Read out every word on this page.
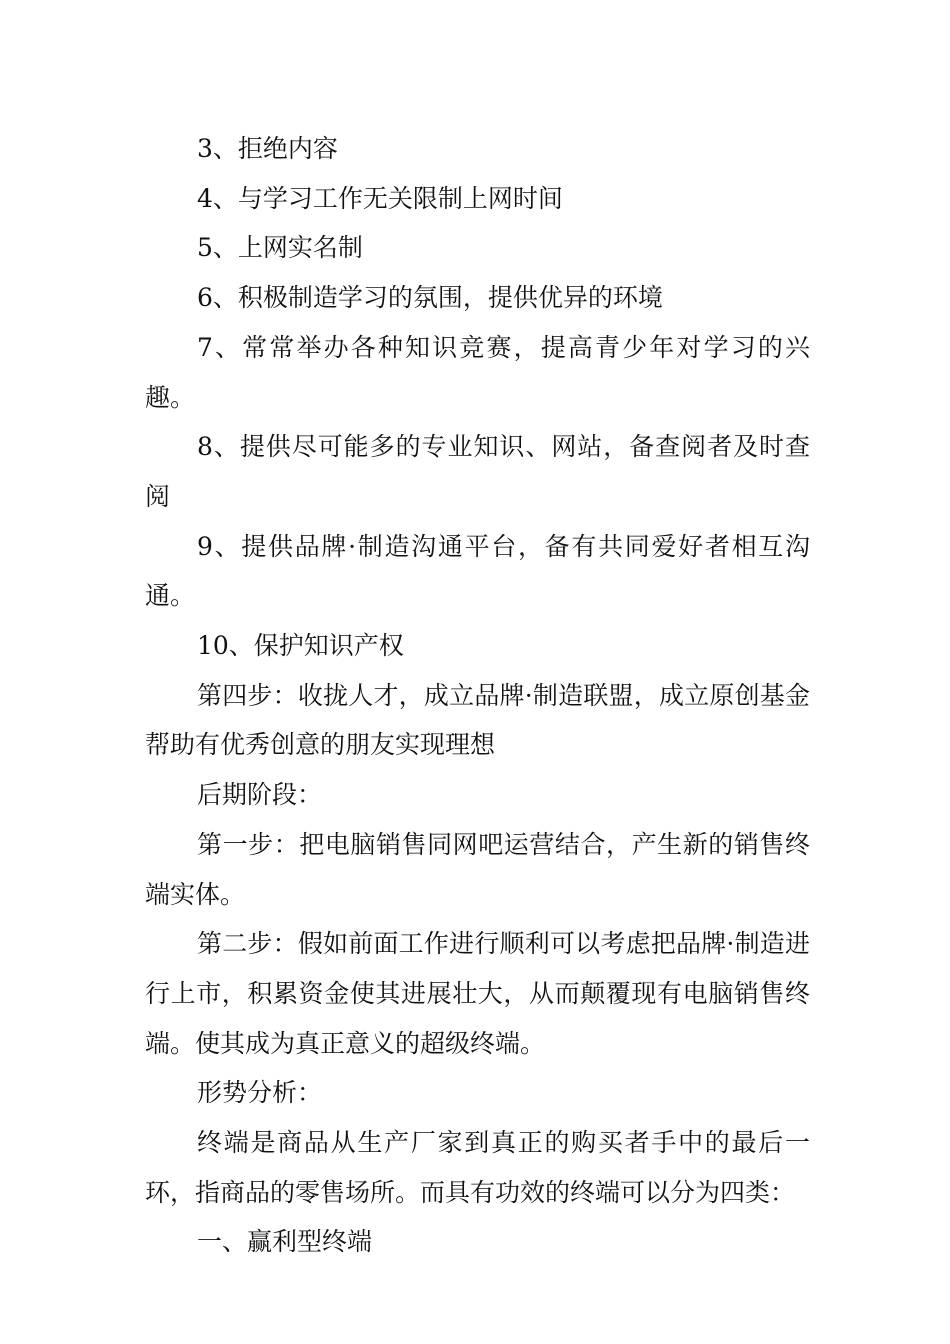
3、拒绝内容

4、与学习工作无关限制上网时间

5、上网实名制

6、积极制造学习的氛围，提供优异的环境

7、常常举办各种知识竞赛，提高青少年对学习的兴趣。

8、提供尽可能多的专业知识、网站，备查阅者及时查阅

9、提供品牌·制造沟通平台，备有共同爱好者相互沟通。

10、保护知识产权

第四步：收拢人才，成立品牌·制造联盟，成立原创基金帮助有优秀创意的朋友实现理想

后期阶段：

第一步：把电脑销售同网吧运营结合，产生新的销售终端实体。

第二步：假如前面工作进行顺利可以考虑把品牌·制造进行上市，积累资金使其进展壮大，从而颠覆现有电脑销售终端。使其成为真正意义的超级终端。

形势分析：

终端是商品从生产厂家到真正的购买者手中的最后一环，指商品的零售场所。而具有功效的终端可以分为四类：

一、赢利型终端
